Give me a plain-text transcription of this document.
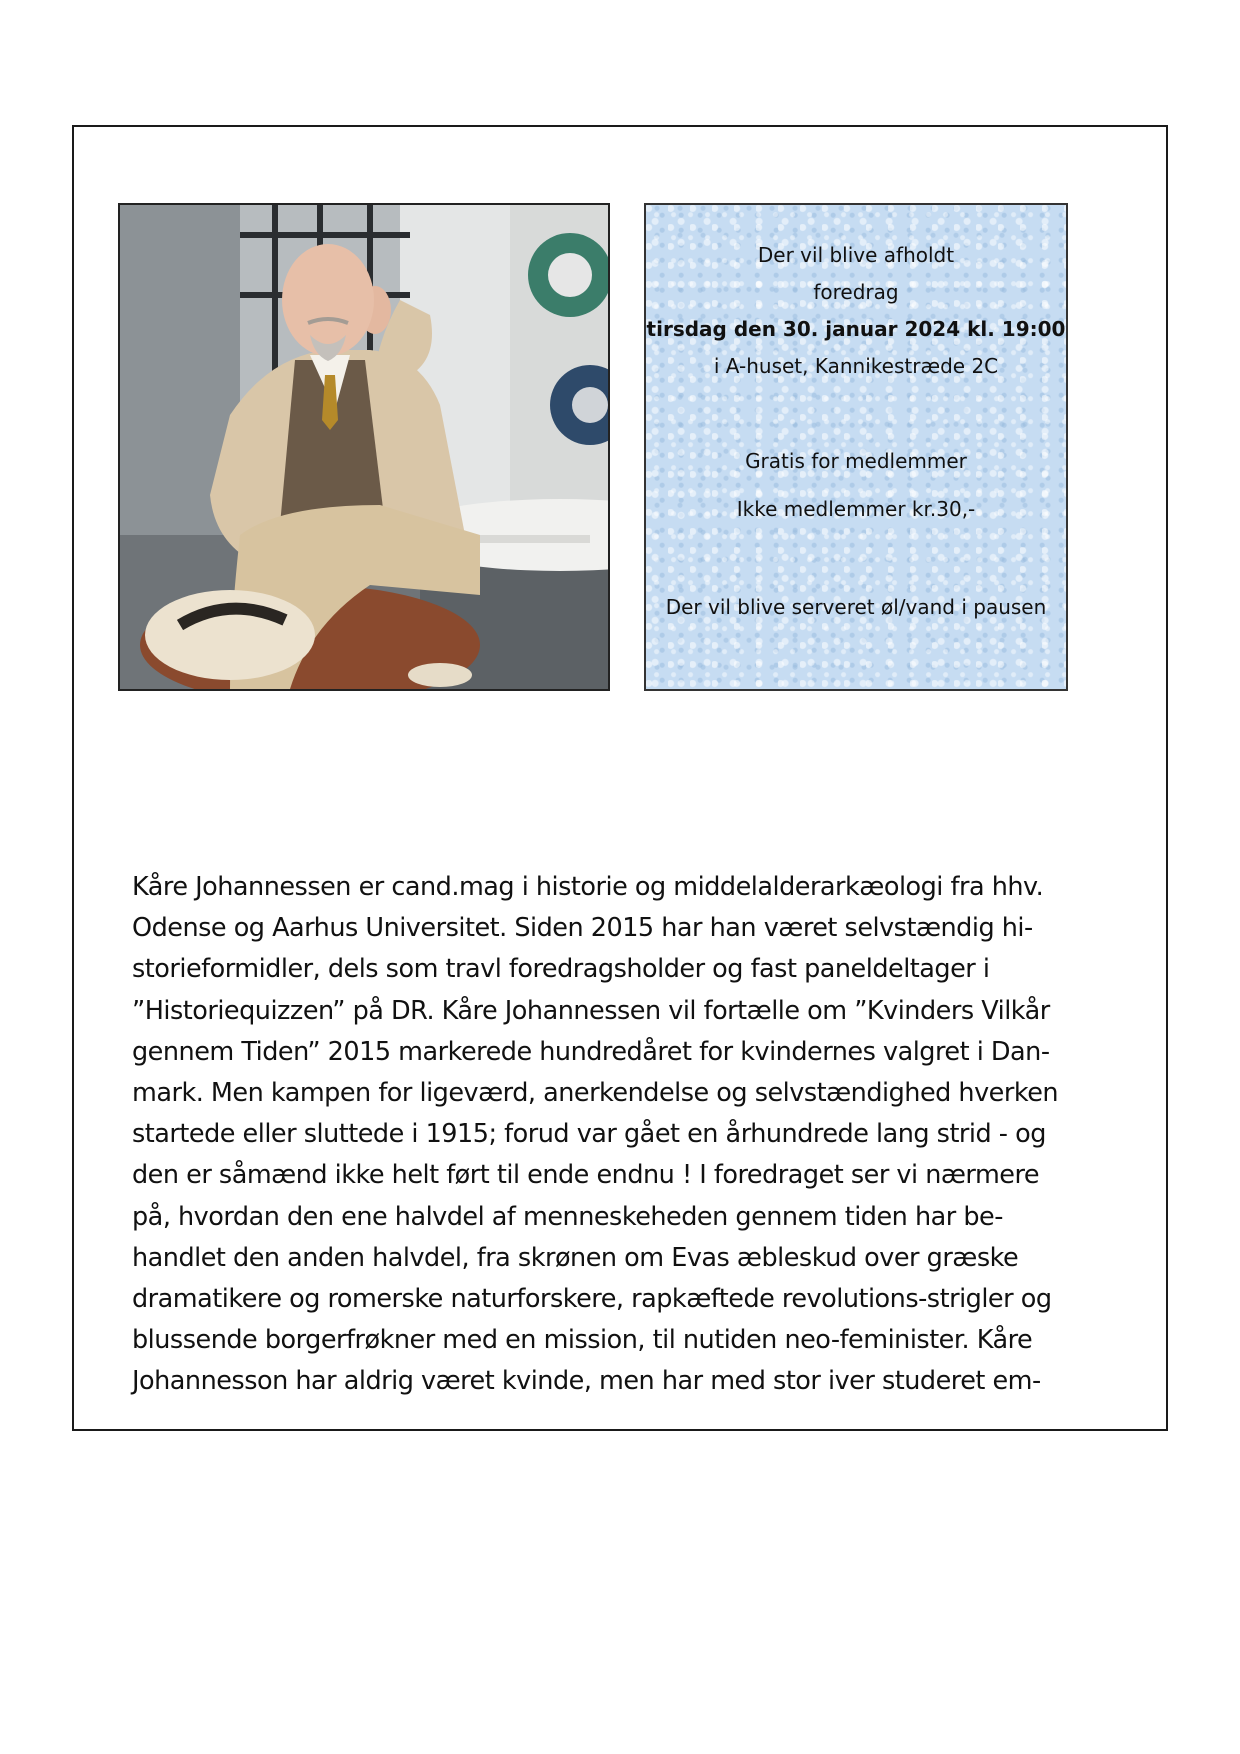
Der vil blive afholdt
foredrag
tirsdag den 30. januar 2024 kl. 19:00
i A-huset, Kannikestræde 2C
Gratis for medlemmer
Ikke medlemmer kr.30,-
Der vil blive serveret øl/vand i pausen
Kåre Johannessen er cand.mag i historie og middelalderarkæologi fra hhv.
Odense og Aarhus Universitet. Siden 2015 har han været selvstændig hi-
storieformidler, dels som travl foredragsholder og fast paneldeltager i
”Historiequizzen” på DR. Kåre Johannessen vil fortælle om ”Kvinders Vilkår
gennem Tiden” 2015 markerede hundredåret for kvindernes valgret i Dan-
mark. Men kampen for ligeværd, anerkendelse og selvstændighed hverken
startede eller sluttede i 1915; forud var gået en århundrede lang strid - og
den er såmænd ikke helt ført til ende endnu ! I foredraget ser vi nærmere
på, hvordan den ene halvdel af menneskeheden gennem tiden har be-
handlet den anden halvdel, fra skrønen om Evas æbleskud over græske
dramatikere og romerske naturforskere, rapkæftede revolutions-strigler og
blussende borgerfrøkner med en mission, til nutiden neo-feminister. Kåre
Johannesson har aldrig været kvinde, men har med stor iver studeret em-
